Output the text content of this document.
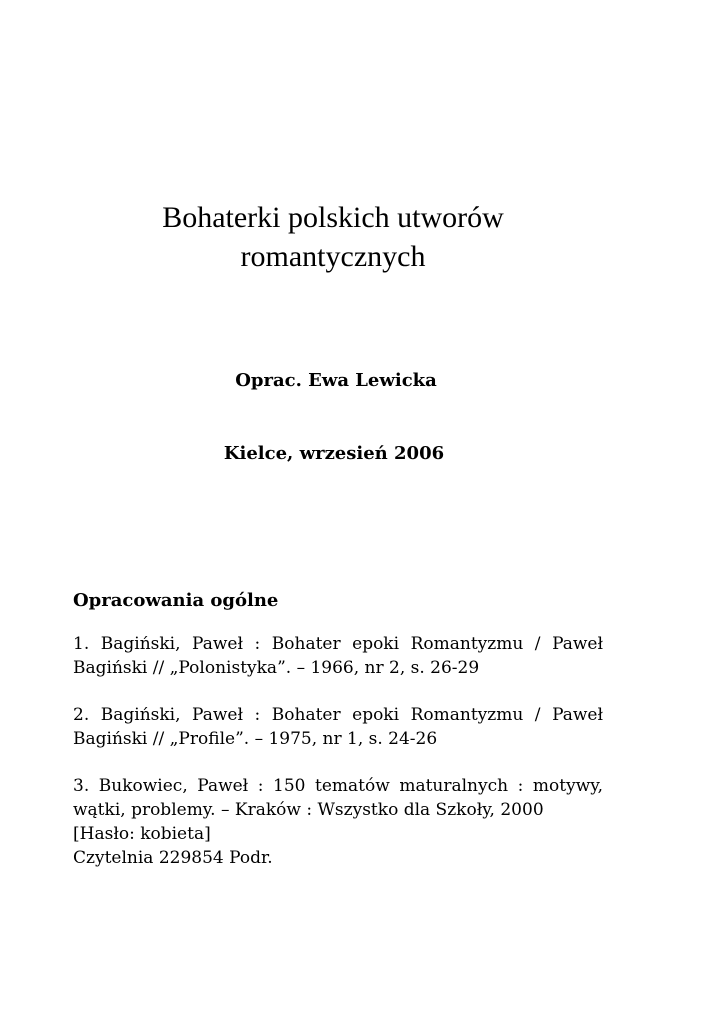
Bohaterki polskich utworów
romantycznych
Oprac. Ewa Lewicka
Kielce, wrzesień 2006
Opracowania ogólne

1. Bagiński, Paweł : Bohater epoki Romantyzmu / Paweł Bagiński // „Polonistyka”. – 1966, nr 2, s. 26-29

2. Bagiński, Paweł : Bohater epoki Romantyzmu / Paweł Bagiński // „Profile”. – 1975, nr 1, s. 24-26

3. Bukowiec, Paweł : 150 tematów maturalnych : motywy, wątki, problemy. – Kraków : Wszystko dla Szkoły, 2000
[Hasło: kobieta]
Czytelnia 229854 Podr.
